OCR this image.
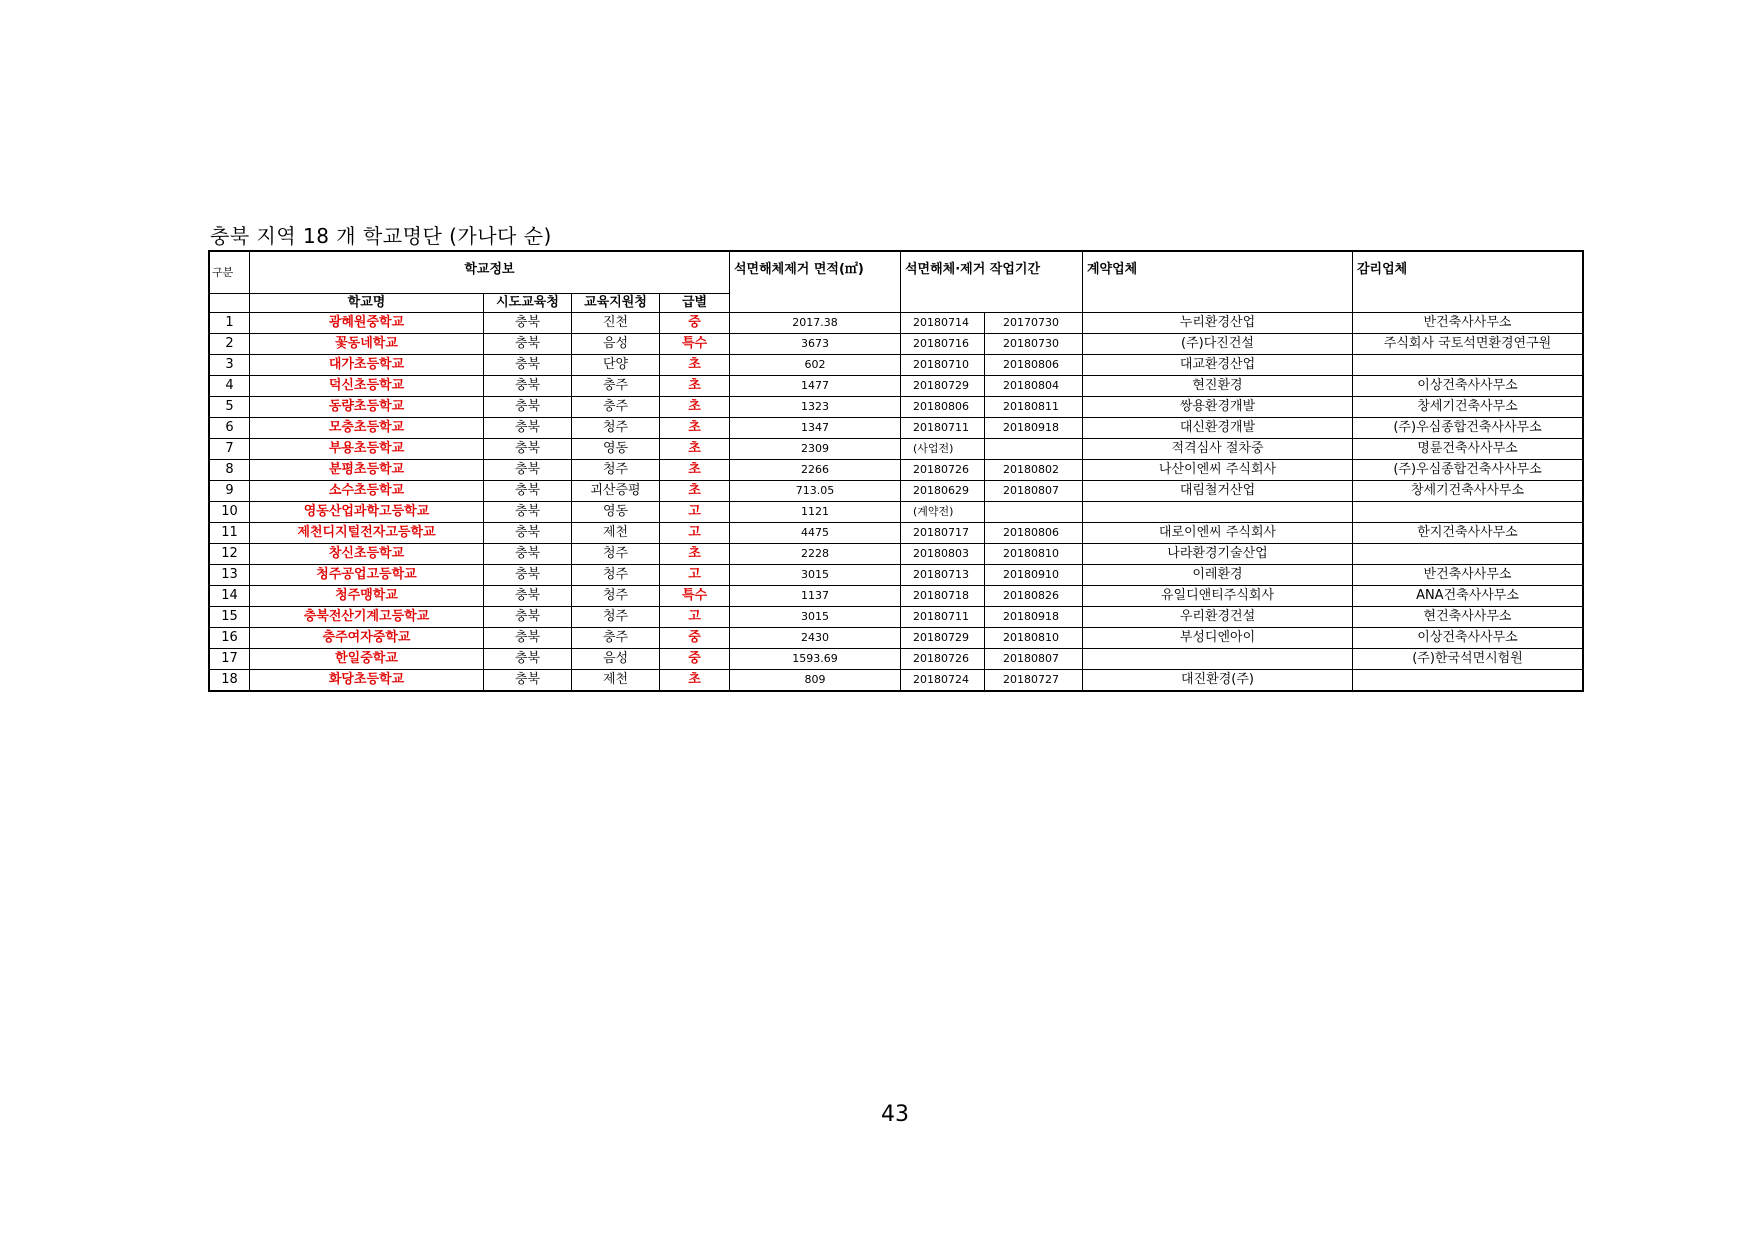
충북 지역 18 개 학교명단 (가나다 순)
구분	학교정보				석면해체제거 면적(㎡)	석면해체·제거 작업기간		계약업체	감리업체

	학교명	시도교육청	교육지원청	급별					
1	광혜원중학교	충북	진천	중	2017.38	20180714	20170730	누리환경산업	반건축사사무소
2	꽃동네학교	충북	음성	특수	3673	20180716	20180730	(주)다진건설	주식회사 국토석면환경연구원
3	대가초등학교	충북	단양	초	602	20180710	20180806	대교환경산업	
4	덕신초등학교	충북	충주	초	1477	20180729	20180804	현진환경	이상건축사사무소
5	동량초등학교	충북	충주	초	1323	20180806	20180811	쌍용환경개발	창세기건축사무소
6	모충초등학교	충북	청주	초	1347	20180711	20180918	대신환경개발	(주)우심종합건축사사무소
7	부용초등학교	충북	영동	초	2309	(사업전)		적격심사 절차중	명륜건축사사무소
8	분평초등학교	충북	청주	초	2266	20180726	20180802	나산이엔씨 주식회사	(주)우심종합건축사사무소
9	소수초등학교	충북	괴산증평	초	713.05	20180629	20180807	대림철거산업	창세기건축사사무소
10	영동산업과학고등학교	충북	영동	고	1121	(계약전)			
11	제천디지털전자고등학교	충북	제천	고	4475	20180717	20180806	대로이엔씨 주식회사	한지건축사사무소
12	창신초등학교	충북	청주	초	2228	20180803	20180810	나라환경기술산업	
13	청주공업고등학교	충북	청주	고	3015	20180713	20180910	이레환경	반건축사사무소
14	청주맹학교	충북	청주	특수	1137	20180718	20180826	유일디앤티주식회사	ANA건축사사무소
15	충북전산기계고등학교	충북	청주	고	3015	20180711	20180918	우리환경건설	현건축사사무소
16	충주여자중학교	충북	충주	중	2430	20180729	20180810	부성디엔아이	이상건축사사무소
17	한일중학교	충북	음성	중	1593.69	20180726	20180807		(주)한국석면시험원
18	화당초등학교	충북	제천	초	809	20180724	20180727	대진환경(주)	
43
